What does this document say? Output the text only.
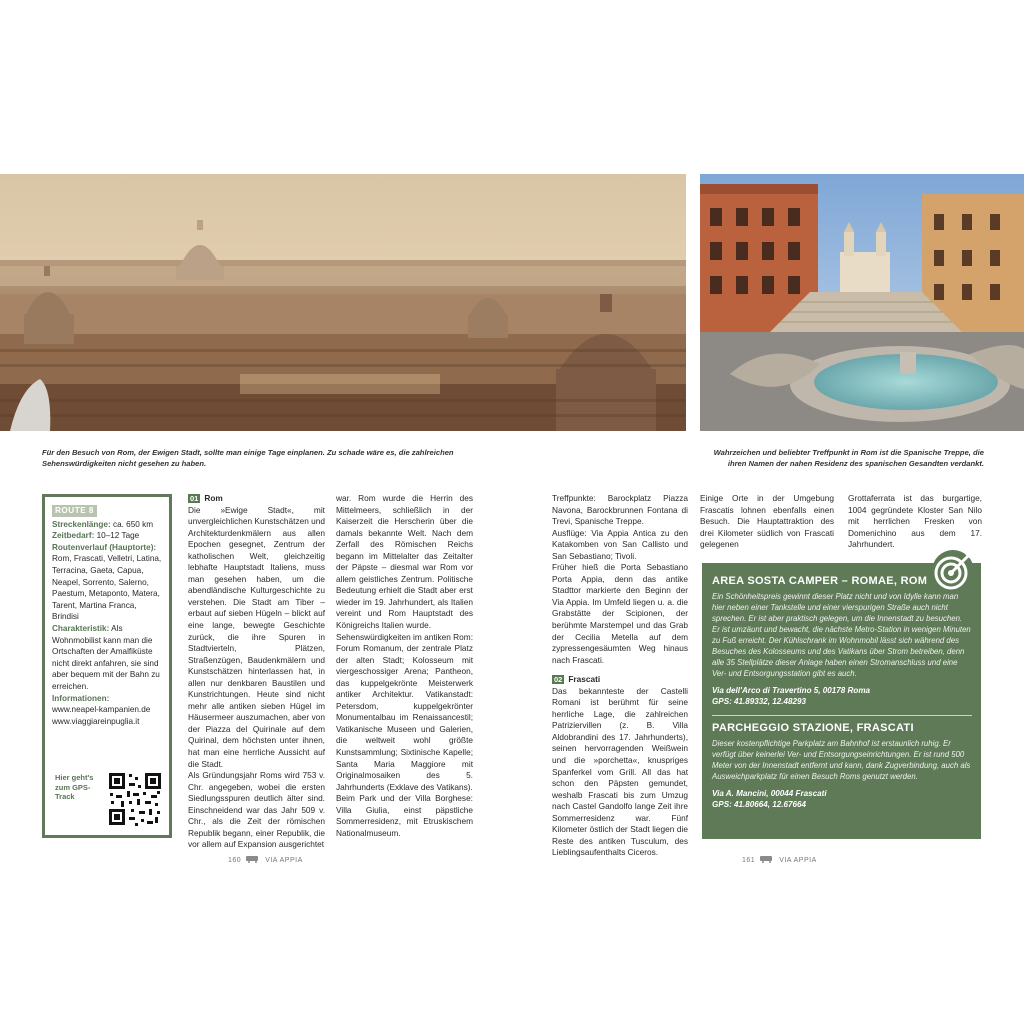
Für den Besuch von Rom, der Ewigen Stadt, sollte man einige Tage einplanen. Zu schade wäre es, die zahlreichen Sehenswürdigkeiten nicht gesehen zu haben.
Wahrzeichen und beliebter Treffpunkt in Rom ist die Spanische Treppe, die ihren Namen der nahen Residenz des spanischen Gesandten verdankt.
ROUTE 8
Streckenlänge: ca. 650 km
Zeitbedarf: 10–12 Tage
Routenverlauf (Hauptorte): Rom, Frascati, Velletri, Latina, Terracina, Gaeta, Capua, Neapel, Sorrento, Salerno, Paestum, Metaponto, Matera, Tarent, Martina Franca, Brindisi
Charakteristik: Als Wohnmobilist kann man die Ortschaften der Amalfiküste nicht direkt anfahren, sie sind aber bequem mit der Bahn zu erreichen.
Informationen:
www.neapel-kampanien.de
www.viaggiareinpuglia.it
Hier geht's zum GPS-Track
01 Rom

Die »Ewige Stadt«, mit unvergleichlichen Kunstschätzen und Architekturdenkmälern aus allen Epochen gesegnet, Zentrum der katholischen Welt, gleichzeitig lebhafte Hauptstadt Italiens, muss man gesehen haben, um die abendländische Kulturgeschichte zu verstehen. Die Stadt am Tiber – erbaut auf sieben Hügeln – blickt auf eine lange, bewegte Geschichte zurück, die ihre Spuren in Stadtvierteln, Plätzen, Straßenzügen, Baudenkmälern und Kunstschätzen hinterlassen hat, in allen nur denkbaren Baustilen und Kunstrichtungen. Heute sind nicht mehr alle antiken sieben Hügel im Häusermeer auszumachen, aber von der Piazza del Quirinale auf dem Quirinal, dem höchsten unter ihnen, hat man eine herrliche Aussicht auf die Stadt.

Als Gründungsjahr Roms wird 753 v. Chr. angegeben, wobei die ersten Siedlungsspuren deutlich älter sind. Einschneidend war das Jahr 509 v. Chr., als die Zeit der römischen Republik begann, einer Republik, die vor allem auf Expansion ausgerichtet

war. Rom wurde die Herrin des Mittelmeers, schließlich in der Kaiserzeit die Herscherin über die damals bekannte Welt. Nach dem Zerfall des Römischen Reichs begann im Mittelalter das Zeitalter der Päpste – diesmal war Rom vor allem geistliches Zentrum. Politische Bedeutung erhielt die Stadt aber erst wieder im 19. Jahrhundert, als Italien vereint und Rom Hauptstadt des Königreichs Italien wurde.

Sehenswürdigkeiten im antiken Rom: Forum Romanum, der zentrale Platz der alten Stadt; Kolosseum mit viergeschossiger Arena; Pantheon, das kuppelgekrönte Meisterwerk antiker Architektur. Vatikanstadt: Petersdom, kuppelgekrönter Monumentalbau im Renaissancestil; Vatikanische Museen und Galerien, die weltweit wohl größte Kunstsammlung; Sixtinische Kapelle; Santa Maria Maggiore mit Originalmosaiken des 5. Jahrhunderts (Exklave des Vatikans).

Beim Park und der Villa Borghese: Villa Giulia, einst päpstliche Sommerresidenz, mit Etruskischem Nationalmuseum.

Treffpunkte: Barockplatz Piazza Navona, Barockbrunnen Fontana di Trevi, Spanische Treppe.

Ausflüge: Via Appia Antica zu den Katakomben von San Callisto und San Sebastiano; Tivoli.

Früher hieß die Porta Sebastiano Porta Appia, denn das antike Stadttor markierte den Beginn der Via Appia. Im Umfeld liegen u. a. die Grabstätte der Scipionen, der berühmte Marstempel und das Grab der Cecilia Metella auf dem zypressengesäumten Weg hinaus nach Frascati.

02 Frascati

Das bekannteste der Castelli Romani ist berühmt für seine herrliche Lage, die zahlreichen Patriziervillen (z. B. Villa Aldobrandini des 17. Jahrhunderts), seinen hervorragenden Weißwein und die »porchetta«, knuspriges Spanferkel vom Grill. All das hat schon den Päpsten gemundet, weshalb Frascati bis zum Umzug nach Castel Gandolfo lange Zeit ihre Sommerresidenz war. Fünf Kilometer östlich der Stadt liegen die Reste des antiken Tusculum, des Lieblingsaufenthalts Ciceros.

Einige Orte in der Umgebung Frascatis lohnen ebenfalls einen Besuch. Die Hauptattraktion des drei Kilometer südlich von Frascati gelegenen

Grottaferrata ist das burgartige, 1004 gegründete Kloster San Nilo mit herrlichen Fresken von Domenichino aus dem 17. Jahrhundert.

AREA SOSTA CAMPER – ROMAE, ROM
Ein Schönheitspreis gewinnt dieser Platz nicht und von Idylle kann man hier neben einer Tankstelle und einer vierspurigen Straße auch nicht sprechen. Er ist aber praktisch gelegen, um die Innenstadt zu besuchen. Er ist umzäunt und bewacht, die nächste Metro-Station in wenigen Minuten zu Fuß erreicht. Der Kühlschrank im Wohnmobil lässt sich während des Besuches des Kolosseums und des Vatikans über Strom betreiben, denn alle 35 Stellplätze dieser Anlage haben einen Stromanschluss und eine Ver- und Entsorgungsstation gibt es auch.
Via dell'Arco di Travertino 5, 00178 Roma
GPS: 41.89332, 12.48293
PARCHEGGIO STAZIONE, FRASCATI
Dieser kostenpflichtige Parkplatz am Bahnhof ist erstaunlich ruhig. Er verfügt über keinerlei Ver- und Entsorgungseinrichtungen. Er ist rund 500 Meter von der Innenstadt entfernt und kann, dank Zugverbindung, auch als Ausweichparkplatz für einen Besuch Roms genutzt werden.
Via A. Mancini, 00044 Frascati
GPS: 41.80664, 12.67664
160	VIA APPIA	161	VIA APPIA
